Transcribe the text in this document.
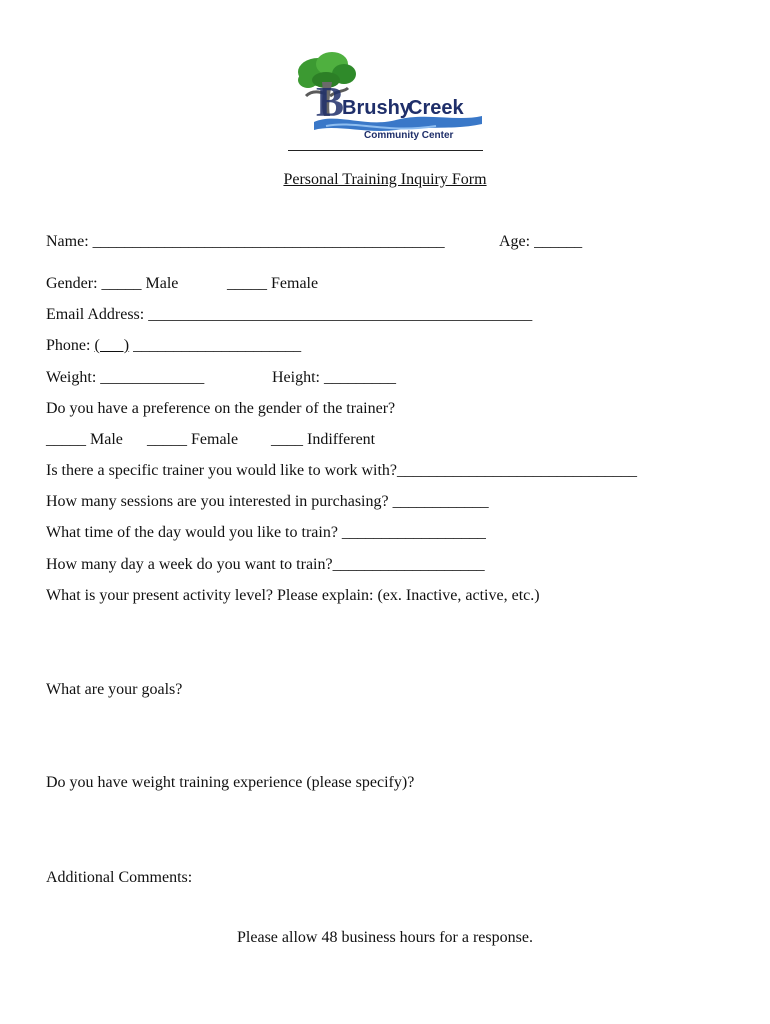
B
Brushy
Creek
Community Center
Personal Training Inquiry Form
Name: ____________________________________________	Age: ______
Gender: _____ Male	_____ Female
Email Address: ________________________________________________
Phone: ( __ ) _____________________
Weight: _____________	Height: _________
Do you have a preference on the gender of the trainer?
_____ Male _____ Female ____ Indifferent
Is there a specific trainer you would like to work with?______________________________
How many sessions are you interested in purchasing? ____________
What time of the day would you like to train? __________________
How many day a week do you want to train?___________________
What is your present activity level? Please explain: (ex. Inactive, active, etc.)
What are your goals?
Do you have weight training experience (please specify)?
Additional Comments:
Please allow 48 business hours for a response.
